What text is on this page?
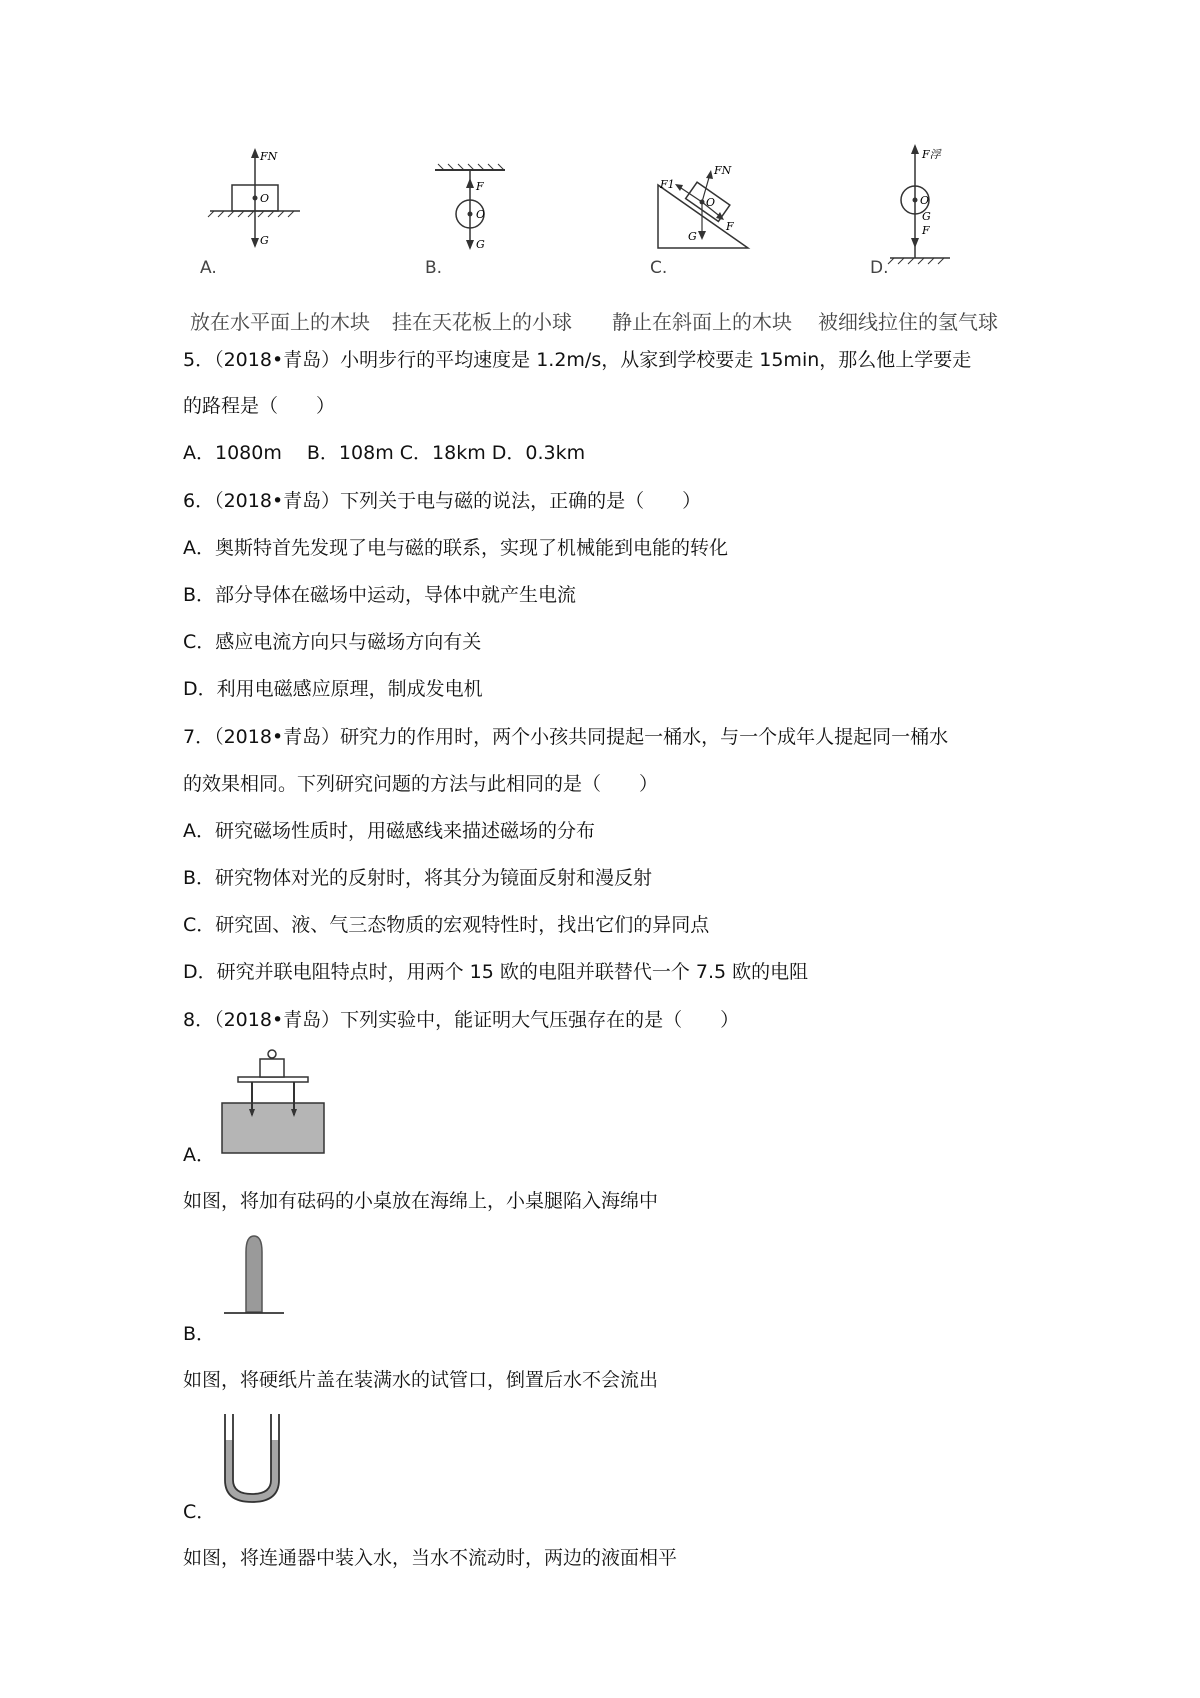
FN
O
G
F
O
G
F1
FN
O
G
F
F浮
O
G
F
A.	B.	C.	D.
放在水平面上的木块 挂在天花板上的小球 静止在斜面上的木块 被细线拉住的氢气球
5．（2018•青岛）小明步行的平均速度是 1.2m/s，从家到学校要走 15min，那么他上学要走
的路程是（　　）
A．1080m　 B．108m C．18km D．0.3km
6．（2018•青岛）下列关于电与磁的说法，正确的是（　　）
A．奥斯特首先发现了电与磁的联系，实现了机械能到电能的转化
B．部分导体在磁场中运动，导体中就产生电流
C．感应电流方向只与磁场方向有关
D．利用电磁感应原理，制成发电机
7．（2018•青岛）研究力的作用时，两个小孩共同提起一桶水，与一个成年人提起同一桶水
的效果相同。下列研究问题的方法与此相同的是（　　）
A．研究磁场性质时，用磁感线来描述磁场的分布
B．研究物体对光的反射时，将其分为镜面反射和漫反射
C．研究固、液、气三态物质的宏观特性时，找出它们的异同点
D．研究并联电阻特点时，用两个 15 欧的电阻并联替代一个 7.5 欧的电阻
8．（2018•青岛）下列实验中，能证明大气压强存在的是（　　）
A．
如图，将加有砝码的小桌放在海绵上，小桌腿陷入海绵中
B．
如图，将硬纸片盖在装满水的试管口，倒置后水不会流出
C．
如图，将连通器中装入水，当水不流动时，两边的液面相平
